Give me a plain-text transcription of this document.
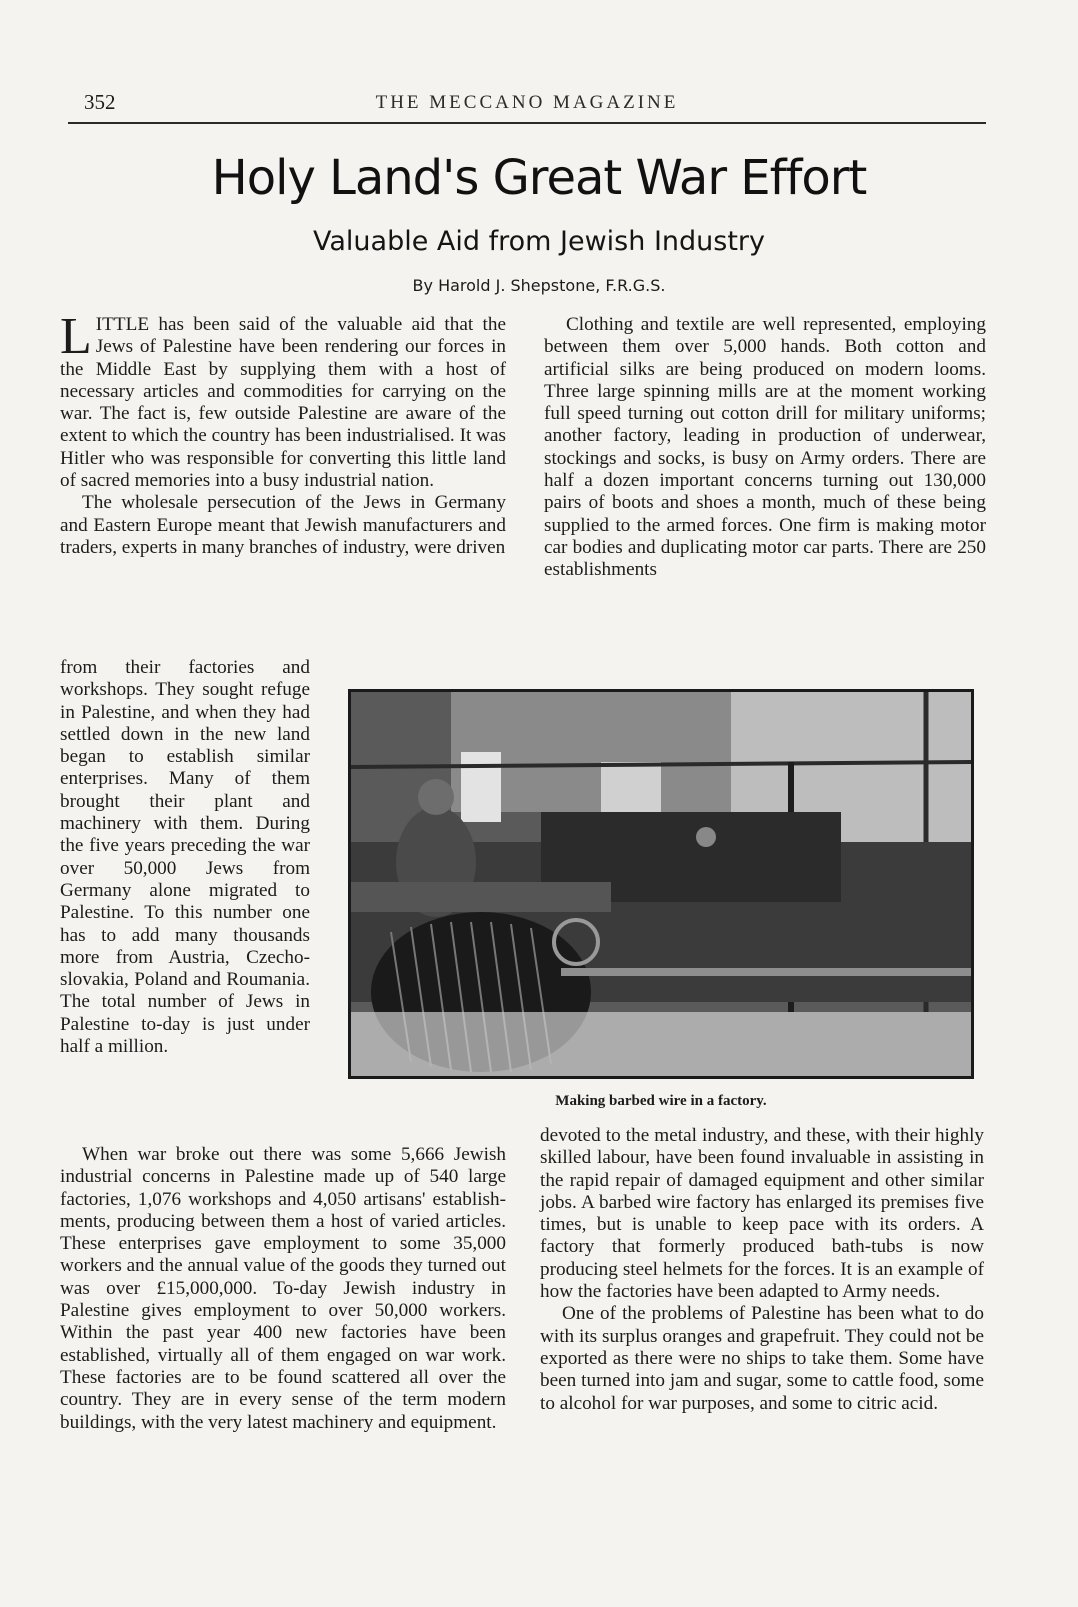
352	THE MECCANO MAGAZINE
Holy Land's Great War Effort
Valuable Aid from Jewish Industry
By Harold J. Shepstone, F.R.G.S.

LITTLE has been said of the valuable aid that the Jews of Palestine have been rendering our forces in the Middle East by supplying them with a host of necessary articles and commodities for carrying on the war. The fact is, few outside Palestine are aware of the extent to which the country has been industrialised. It was Hitler who was responsible for converting this little land of sacred memories into a busy industrial nation.

The wholesale persecution of the Jews in Germany and Eastern Europe meant that Jewish manufacturers and traders, experts in many branches of industry, were driven

from their factories and workshops. They sought refuge in Palestine, and when they had settled down in the new land began to establish similar enterprises. Many of them brought their plant and machinery with them. During the five years preceding the war over 50,000 Jews from Germany alone migrated to Palestine. To this number one has to add many thousands more from Austria, Czechoslovakia, Poland and Roumania. The total number of Jews in Palestine to-day is just under half a million.

When war broke out there was some 5,666 Jewish industrial concerns in Palestine made up of 540 large factories, 1,076 workshops and 4,050 artisans' establishments, producing between them a host of varied articles. These enterprises gave employment to some 35,000 workers and the annual value of the goods they turned out was over £15,000,000. To-day Jewish industry in Palestine gives employment to over 50,000 workers. Within the past year 400 new factories have been established, virtually all of them engaged on war work. These factories are to be found scattered all over the country. They are in every sense of the term modern buildings, with the very latest machinery and equipment.

Clothing and textile are well represented, employing between them over 5,000 hands. Both cotton and artificial silks are being produced on modern looms. Three large spinning mills are at the moment working full speed turning out cotton drill for military uniforms; another factory, leading in production of underwear, stockings and socks, is busy on Army orders. There are half a dozen important concerns turning out 130,000 pairs of boots and shoes a month, much of these being supplied to the armed forces. One firm is making motor car bodies and duplicating motor car parts. There are 250 establishments

Making barbed wire in a factory.

devoted to the metal industry, and these, with their highly skilled labour, have been found invaluable in assisting in the rapid repair of damaged equipment and other similar jobs. A barbed wire factory has enlarged its premises five times, but is unable to keep pace with its orders. A factory that formerly produced bath-tubs is now producing steel helmets for the forces. It is an example of how the factories have been adapted to Army needs.

One of the problems of Palestine has been what to do with its surplus oranges and grapefruit. They could not be exported as there were no ships to take them. Some have been turned into jam and sugar, some to cattle food, some to alcohol for war purposes, and some to citric acid.
